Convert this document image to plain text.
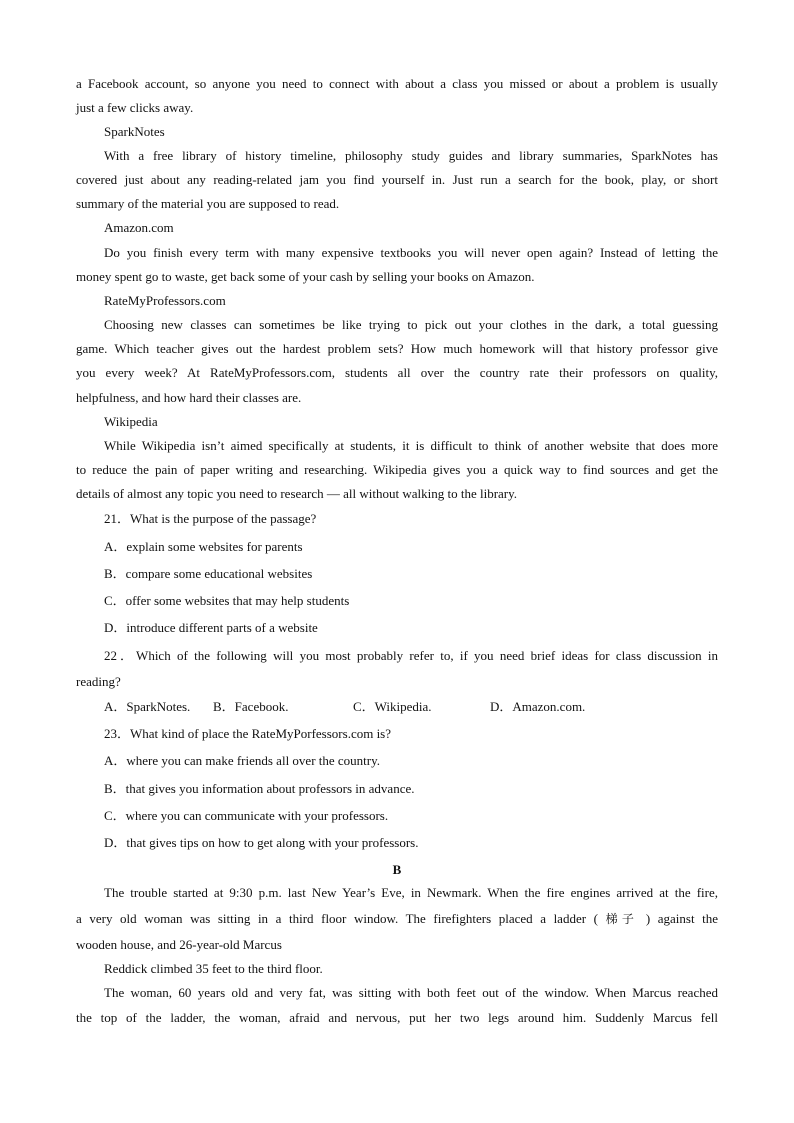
a Facebook account, so anyone you need to connect with about a class you missed or about a problem is usually
just a few clicks away.
SparkNotes
With a free library of history timeline, philosophy study guides and library summaries, SparkNotes has
covered just about any reading-related jam you find yourself in. Just run a search for the book, play, or short
summary of the material you are supposed to read.
Amazon.com
Do you finish every term with many expensive textbooks you will never open again? Instead of letting the
money spent go to waste, get back some of your cash by selling your books on Amazon.
RateMyProfessors.com
Choosing new classes can sometimes be like trying to pick out your clothes in the dark, a total guessing
game. Which teacher gives out the hardest problem sets? How much homework will that history professor give
you every week? At RateMyProfessors.com, students all over the country rate their professors on quality,
helpfulness, and how hard their classes are.
Wikipedia
While Wikipedia isn’t aimed specifically at students, it is difficult to think of another website that does more
to reduce the pain of paper writing and researching. Wikipedia gives you a quick way to find sources and get the
details of almost any topic you need to research — all without walking to the library.
21．What is the purpose of the passage?
A．explain some websites for parents
B．compare some educational websites
C．offer some websites that may help students
D．introduce different parts of a website
22．Which of the following will you most probably refer to, if you need brief ideas for class discussion in
reading?
A．SparkNotes. B．Facebook.	C．Wikipedia.	D．Amazon.com.
23．What kind of place the RateMyPorfessors.com is?
A．where you can make friends all over the country.
B．that gives you information about professors in advance.
C．where you can communicate with your professors.
D．that gives tips on how to get along with your professors.
B
The trouble started at 9:30 p.m. last New Year’s Eve, in Newmark. When the fire engines arrived at the fire,
a very old woman was sitting in a third floor window. The firefighters placed a ladder ( 梯子 ) against the
wooden house, and 26-year-old Marcus
Reddick climbed 35 feet to the third floor.
The woman, 60 years old and very fat, was sitting with both feet out of the window. When Marcus reached
the top of the ladder, the woman, afraid and nervous, put her two legs around him. Suddenly Marcus fell
